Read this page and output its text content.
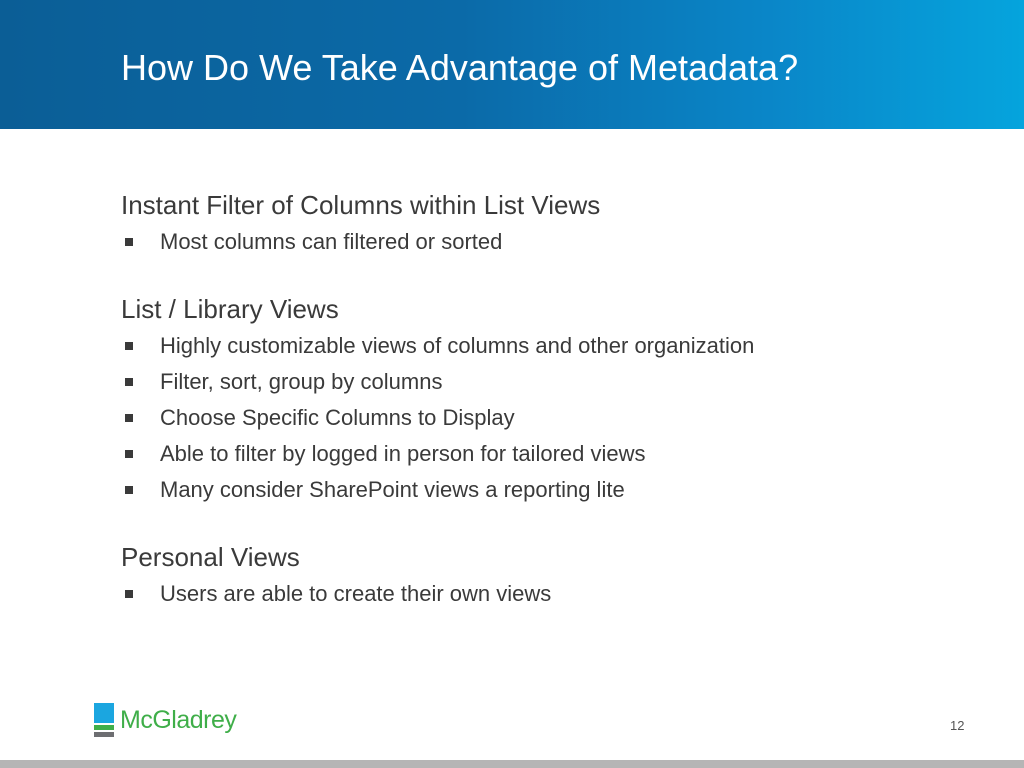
How Do We Take Advantage of Metadata?
Instant Filter of Columns within List Views
Most columns can filtered or sorted
List / Library Views
Highly customizable views of columns and other organization
Filter, sort, group by columns
Choose Specific Columns to Display
Able to filter by logged in person for tailored views
Many consider SharePoint views a reporting lite
Personal Views
Users are able to create their own views
McGladrey	12
